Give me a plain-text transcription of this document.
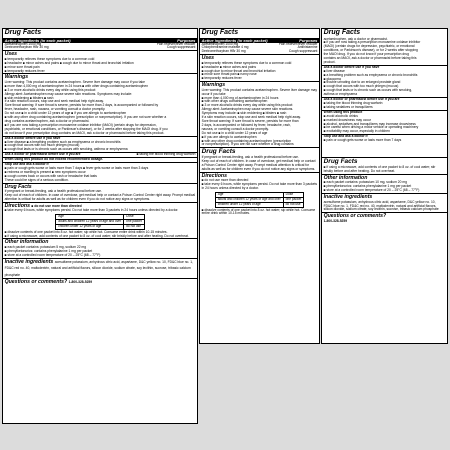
Drug Facts
Active ingredients (in each packet)	Purposes
Acetaminophen 1000 mg	Pain reliever/fever reducer
Dextromethorphan HBr 30 mg	Cough suppressant
Uses
■ temporarily relieves these symptoms due to a common cold
■ headache ■ minor aches and pains ■ cough due to minor throat and bronchial irritation
■ minor sore throat pain
■ temporarily reduces fever
Warnings
Liver warning: This product contains acetaminophen. Severe liver damage may occur if you take
■ more than 4,000 mg of acetaminophen in 24 hours ■ with other drugs containing acetaminophen
■ 3 or more alcoholic drinks every day while using this product
Allergy alert: Acetaminophen may cause severe skin reactions. Symptoms may include:
■ skin reddening ■ blisters ■ rash
If a skin reaction occurs, stop use and seek medical help right away.
Sore throat warning: If sore throat is severe, persists for more than 2 days, is accompanied or followed by
fever, headache, rash, nausea, or vomiting consult a doctor promptly.
Do not use ■ in a child under 12 years of age ■ if you are allergic to acetaminophen
■ with any other drug containing acetaminophen (prescription or nonprescription). If you are not sure whether a
drug contains acetaminophen, ask a doctor or pharmacist.
■ if you are now taking a prescription monoamine oxidase inhibitor (MAOI) (certain drugs for depression,
psychiatric, or emotional conditions, or Parkinson's disease), or for 2 weeks after stopping the MAOI drug. If you
do not know if your prescription drug contains an MAOI, ask a doctor or pharmacist before taking this product.
Ask a doctor before use if you have
■ liver disease ■ a breathing problem such as emphysema or chronic bronchitis
■ cough that occurs with too much phlegm (mucus)
■ cough that lasts or is chronic such as occurs with smoking, asthma or emphysema
Ask a doctor or pharmacist before use if you are	■ taking the blood thinning drug warfarin
When using this product do not exceed recommended dosage.
Stop use and ask a doctor if
■ pain or cough gets worse or lasts more than 7 days ■ fever gets worse or lasts more than 3 days
■ redness or swelling is present ■ new symptoms occur
■ cough comes back or occurs with rash or headache that lasts
These could be signs of a serious condition.
Drug Facts
If pregnant or breast-feeding, ask a health professional before use.
Keep out of reach of children. In case of overdose, get medical help or contact a Poison Control Center right away. Prompt medical attention is critical for adults as well as for children even if you do not notice any signs or symptoms.
Directions ■ do not use more than directed
■ take every 6 hours, while symptoms persist. Do not take more than 3 packets in 24 hours unless directed by a doctor.
Age	Dose
adults and children 12 years of age and over	one packet
children under 12 years of age	do not use
■ dissolve contents of one packet into 8 oz. hot water; sip while hot. Consume entire drink within 10-15 minutes.
■ if using a microwave, add contents of one packet to 8 oz. of cool water; stir briskly before and after heating. Do not overheat.
Other information
■ each packet contains: potassium 5 mg, sodium 22 mg
■ phenylketonurics: contains phenylalanine 1 mg per packet
■ store at a controlled room temperature of 20 – 25°C (68 – 77°F)
Inactive ingredients acesulfame potassium, anhydrous citric acid, aspartame, D&C yellow no. 10, FD&C blue no. 1, FD&C red no. 40, maltodextrin, natural and artificial flavors, silicon dioxide, sodium citrate, soy lecithin, sucrose, tribasic calcium phosphate
Questions or comments? 1-800-328-5259
Drug Facts
Active ingredients (in each packet)	Purposes
Acetaminophen 1000 mg	Pain reliever/fever reducer
Chlorpheniramine maleate 4 mg	Antihistamine
Dextromethorphan HBr 30 mg	Cough suppressant
Uses
■ temporarily relieves these symptoms due to a common cold
■ headache ■ minor aches and pains
■ cough due to minor throat and bronchial irritation
■ minor sore throat pain ■ runny nose
■ temporarily reduces fever
Warnings
Liver warning: This product contains acetaminophen. Severe liver damage may occur if you take
■ more than 4,000 mg of acetaminophen in 24 hours
■ with other drugs containing acetaminophen
■ 3 or more alcoholic drinks every day while using this product
Allergy alert: Acetaminophen may cause severe skin reactions.
Symptoms may include: ■ skin reddening ■ blisters ■ rash
If a skin reaction occurs, stop use and seek medical help right away.
Sore throat warning: If sore throat is severe, persists for more than
2 days, is accompanied or followed by fever, headache, rash,
nausea, or vomiting consult a doctor promptly.
Do not use ■ in a child under 12 years of age
■ if you are allergic to acetaminophen
■ with any other drug containing acetaminophen (prescription
or nonprescription). If you are not sure whether a drug contains
Drug Facts
If pregnant or breast-feeding, ask a health professional before use.
Keep out of reach of children. In case of overdose, get medical help or contact a Poison Control Center right away. Prompt medical attention is critical for adults as well as for children even if you do not notice any signs or symptoms.
Directions
■ do not use more than directed
■ take every 6 hours, while symptoms persist. Do not take more than 3 packets in 24 hours unless directed by a doctor.
Age	Dose
adults and children 12 years of age and over	one packet
children under 12 years of age	do not use
■ dissolve contents of one packet into 8 oz. hot water; sip while hot. Consume entire drink within 10-15 minutes.
Drug Facts
acetaminophen, ask a doctor or pharmacist.
■ if you are now taking a prescription monoamine oxidase inhibitor
(MAOI) (certain drugs for depression, psychiatric, or emotional
conditions, or Parkinson's disease), or for 2 weeks after stopping
the MAOI drug. If you do not know if your prescription drug
contains an MAOI, ask a doctor or pharmacist before taking this
product.
Ask a doctor before use if you have
■ liver disease
■ a breathing problem such as emphysema or chronic bronchitis
■ glaucoma
■ trouble urinating due to an enlarged prostate gland
■ cough that occurs with too much phlegm (mucus)
■ cough that lasts or is chronic such as occurs with smoking,
asthma or emphysema
Ask a doctor or pharmacist before use if you are
■ taking the blood thinning drug warfarin
■ taking sedatives or tranquilizers
When using this product
■ avoid alcoholic drinks
■ marked drowsiness may occur
■ alcohol, sedatives and tranquilizers may increase drowsiness
■ be careful when driving a motor vehicle or operating machinery
■ excitability may occur, especially in children
Stop use and ask a doctor if
■ pain or cough gets worse or lasts more than 7 days
Drug Facts
■ if using a microwave, add contents of one packet to 8 oz. of cool water; stir briskly before and after heating. Do not overheat.
Other information
■ each packet contains: potassium 10 mg, sodium 20 mg
■ phenylketonurics: contains phenylalanine 1 mg per packet
■ store at a controlled room temperature of 20 – 25°C (68 – 77°F)
Inactive ingredients
acesulfame potassium, anhydrous citric acid, aspartame, D&C yellow no. 10, FD&C blue no. 1, FD&C red no. 40, maltodextrin, natural and artificial flavors, silicon dioxide, sodium citrate, soy lecithin, sucrose, tribasic calcium phosphate
Questions or comments?
1-800-328-5259
